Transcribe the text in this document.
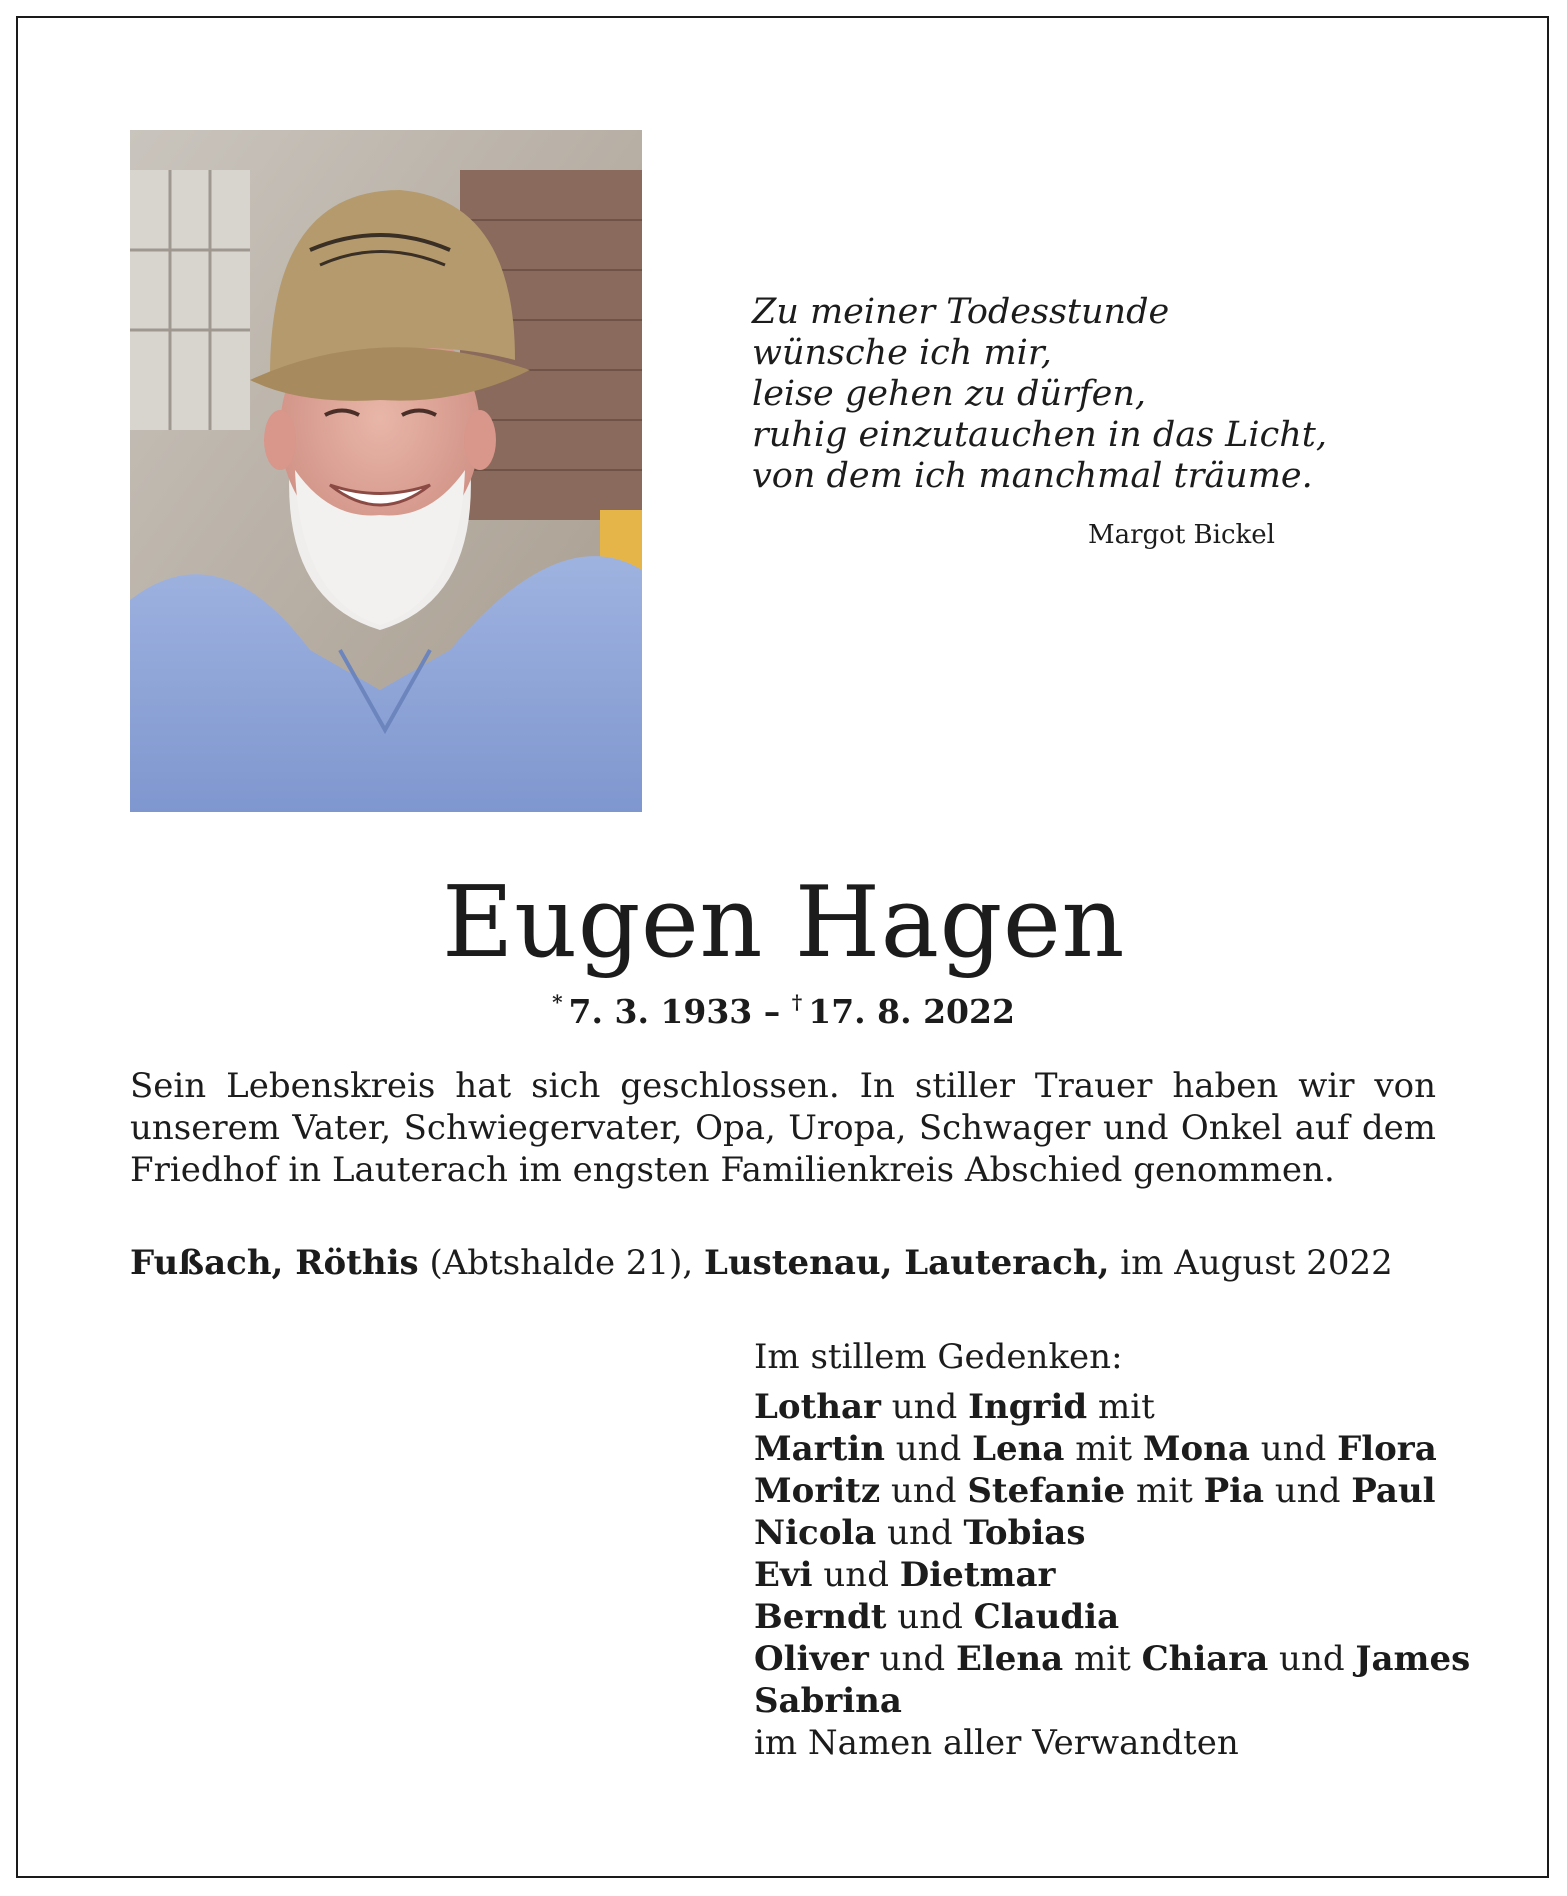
Zu meiner Todesstunde
wünsche ich mir,
leise gehen zu dürfen,
ruhig einzutauchen in das Licht,
von dem ich manchmal träume.
Margot Bickel
Eugen Hagen
* 7. 3. 1933 – † 17. 8. 2022
Sein Lebenskreis hat sich geschlossen. In stiller Trauer haben wir von
unserem Vater, Schwiegervater, Opa, Uropa, Schwager und Onkel auf dem
Friedhof in Lauterach im engsten Familienkreis Abschied genommen.
Fußach, Röthis (Abtshalde 21), Lustenau, Lauterach, im August 2022
Im stillem Gedenken:
Lothar und Ingrid mit
Martin und Lena mit Mona und Flora
Moritz und Stefanie mit Pia und Paul
Nicola und Tobias
Evi und Dietmar
Berndt und Claudia
Oliver und Elena mit Chiara und James
Sabrina
im Namen aller Verwandten
